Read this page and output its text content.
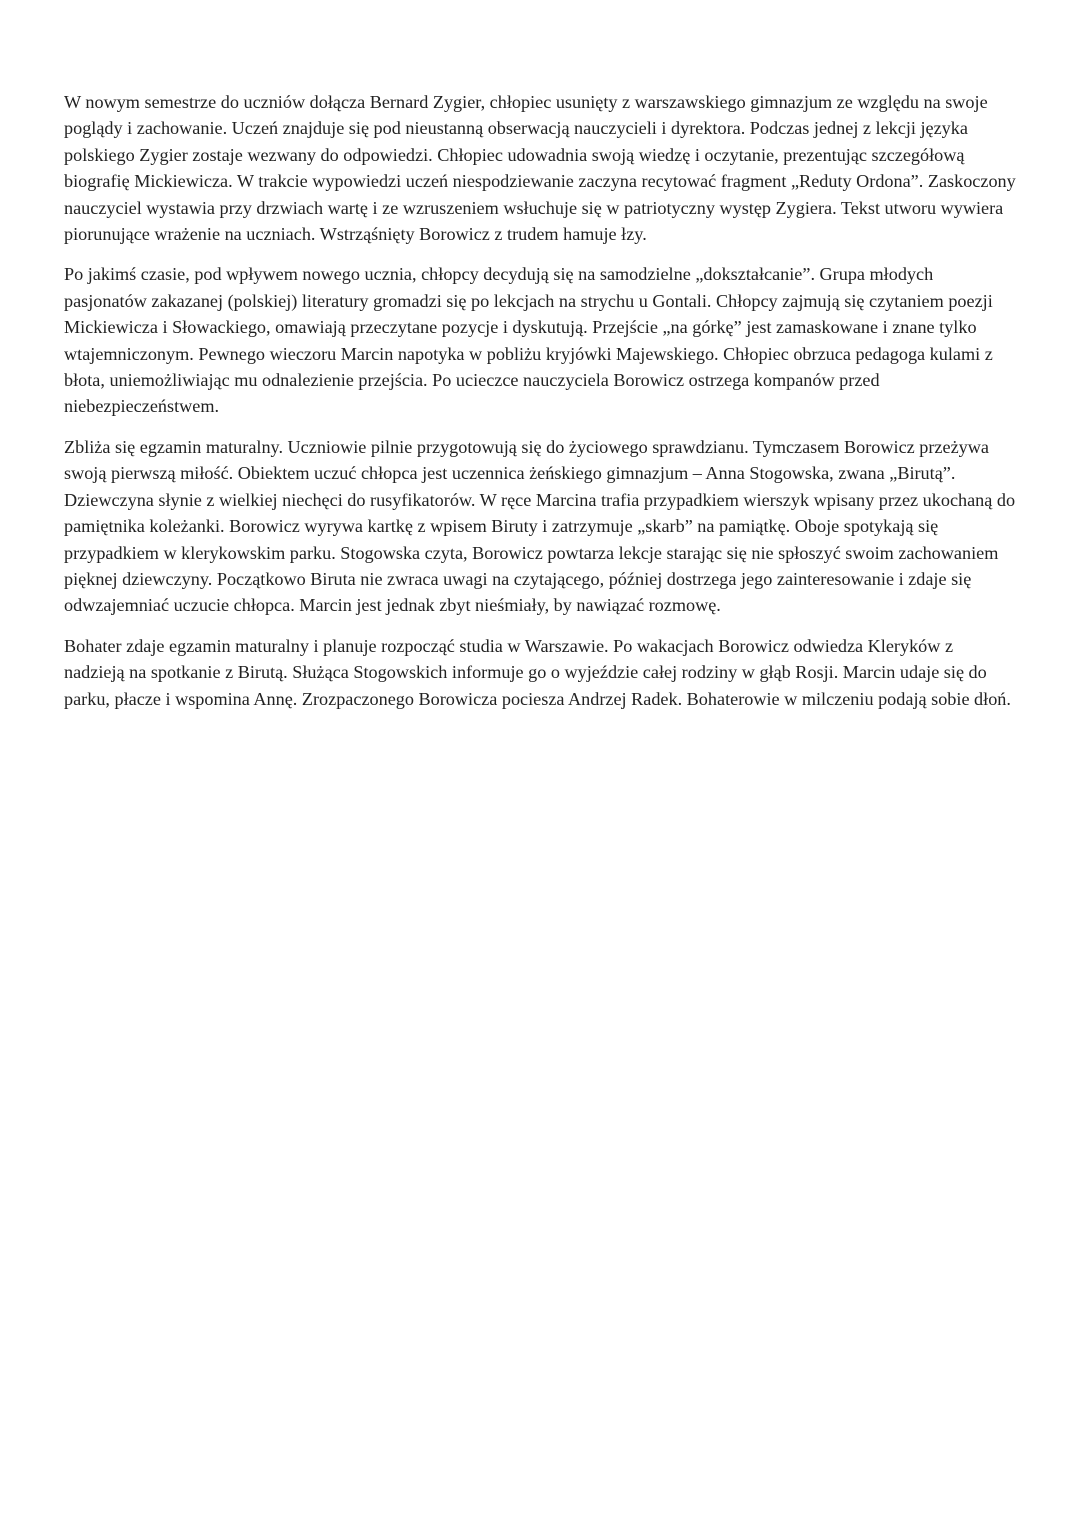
W nowym semestrze do uczniów dołącza Bernard Zygier, chłopiec usunięty z warszawskiego gimnazjum ze względu na swoje poglądy i zachowanie. Uczeń znajduje się pod nieustanną obserwacją nauczycieli i dyrektora. Podczas jednej z lekcji języka polskiego Zygier zostaje wezwany do odpowiedzi. Chłopiec udowadnia swoją wiedzę i oczytanie, prezentując szczegółową biografię Mickiewicza. W trakcie wypowiedzi uczeń niespodziewanie zaczyna recytować fragment „Reduty Ordona”. Zaskoczony nauczyciel wystawia przy drzwiach wartę i ze wzruszeniem wsłuchuje się w patriotyczny występ Zygiera. Tekst utworu wywiera piorunujące wrażenie na uczniach. Wstrząśnięty Borowicz z trudem hamuje łzy.

Po jakimś czasie, pod wpływem nowego ucznia, chłopcy decydują się na samodzielne „dokształcanie”. Grupa młodych pasjonatów zakazanej (polskiej) literatury gromadzi się po lekcjach na strychu u Gontali. Chłopcy zajmują się czytaniem poezji Mickiewicza i Słowackiego, omawiają przeczytane pozycje i dyskutują. Przejście „na górkę” jest zamaskowane i znane tylko wtajemniczonym. Pewnego wieczoru Marcin napotyka w pobliżu kryjówki Majewskiego. Chłopiec obrzuca pedagoga kulami z błota, uniemożliwiając mu odnalezienie przejścia. Po ucieczce nauczyciela Borowicz ostrzega kompanów przed niebezpieczeństwem.

Zbliża się egzamin maturalny. Uczniowie pilnie przygotowują się do życiowego sprawdzianu. Tymczasem Borowicz przeżywa swoją pierwszą miłość. Obiektem uczuć chłopca jest uczennica żeńskiego gimnazjum – Anna Stogowska, zwana „Birutą”. Dziewczyna słynie z wielkiej niechęci do rusyfikatorów. W ręce Marcina trafia przypadkiem wierszyk wpisany przez ukochaną do pamiętnika koleżanki. Borowicz wyrywa kartkę z wpisem Biruty i zatrzymuje „skarb” na pamiątkę. Oboje spotykają się przypadkiem w klerykowskim parku. Stogowska czyta, Borowicz powtarza lekcje starając się nie spłoszyć swoim zachowaniem pięknej dziewczyny. Początkowo Biruta nie zwraca uwagi na czytającego, później dostrzega jego zainteresowanie i zdaje się odwzajemniać uczucie chłopca. Marcin jest jednak zbyt nieśmiały, by nawiązać rozmowę.

Bohater zdaje egzamin maturalny i planuje rozpocząć studia w Warszawie. Po wakacjach Borowicz odwiedza Kleryków z nadzieją na spotkanie z Birutą. Służąca Stogowskich informuje go o wyjeździe całej rodziny w głąb Rosji. Marcin udaje się do parku, płacze i wspomina Annę. Zrozpaczonego Borowicza pociesza Andrzej Radek. Bohaterowie w milczeniu podają sobie dłoń.
